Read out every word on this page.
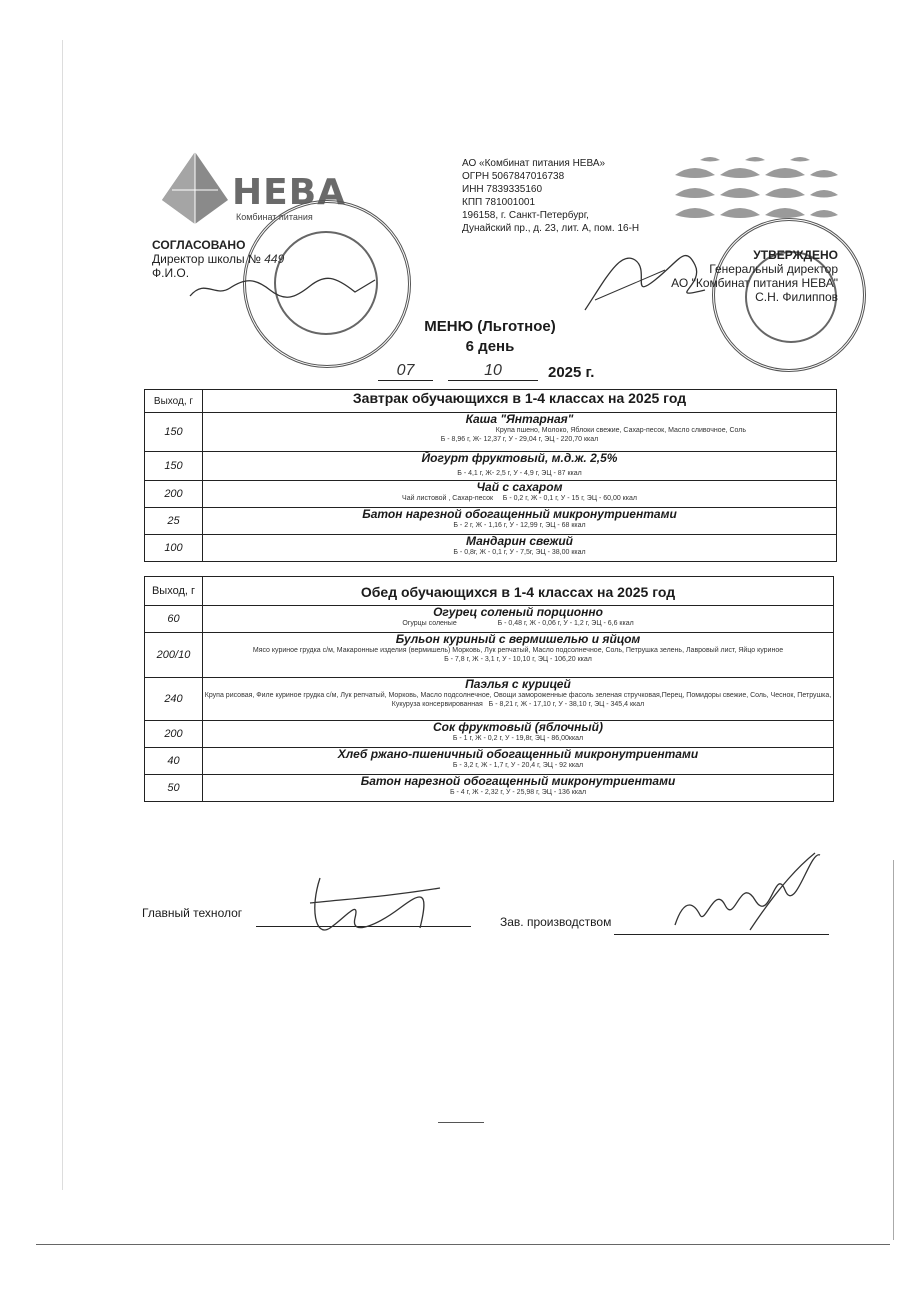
НЕВА
Комбинат питания
АО «Комбинат питания НЕВА»
ОГРН 5067847016738
ИНН 7839335160
КПП 781001001
196158, г. Санкт-Петербург,
Дунайский пр., д. 23, лит. А, пом. 16-Н
СОГЛАСОВАНО
Директор школы № 449
Ф.И.О.
УТВЕРЖДЕНО
Генеральный директор
АО "Комбинат питания НЕВА"
С.Н. Филиппов
МЕНЮ (Льготное)
6 день
07	10	2025 г.
Выход, г	Завтрак обучающихся в 1-4 классах на 2025 год
150	Каша "Янтарная"
Крупа пшено, Молоко, Яблоки свежие, Сахар-песок, Масло сливочное, Соль
Б - 8,96 г, Ж- 12,37 г, У - 29,04 г, ЭЦ - 220,70 ккал

150	Йогурт фруктовый, м.д.ж. 2,5%
Б - 4,1 г, Ж- 2,5 г, У - 4,9 г, ЭЦ - 87 ккал

200	Чай с сахаром
Чай листовой , Сахар-песок Б - 0,2 г, Ж - 0,1 г, У - 15 г, ЭЦ - 60,00 ккал

25	Батон нарезной обогащенный микронутриентами
Б - 2 г, Ж - 1,16 г, У - 12,99 г, ЭЦ - 68 ккал

100	Мандарин свежий
Б - 0,8г, Ж - 0,1 г, У - 7,5г, ЭЦ - 38,00 ккал
Выход, г	Обед обучающихся в 1-4 классах на 2025 год
60	Огурец соленый порционно
Огурцы соленые Б - 0,48 г, Ж - 0,06 г, У - 1,2 г, ЭЦ - 6,6 ккал

200/10	Бульон куриный с вермишелью и яйцом
Мясо куриное грудка с/м, Макаронные изделия (вермишель) Морковь, Лук репчатый, Масло подсолнечное, Соль, Петрушка зелень, Лавровый лист, Яйцо куриное
Б - 7,8 г, Ж - 3,1 г, У - 10,10 г, ЭЦ - 106,20 ккал

240	Паэлья с курицей
Крупа рисовая, Филе куриное грудка с/м, Лук репчатый, Морковь, Масло подсолнечное, Овощи замороженные фасоль зеленая стручковая,Перец, Помидоры свежие, Соль, Чеснок, Петрушка, Кукуруза консервированная Б - 8,21 г, Ж - 17,10 г, У - 38,10 г, ЭЦ - 345,4 ккал

200	Сок фруктовый (яблочный)
Б - 1 г, Ж - 0,2 г, У - 19,8г, ЭЦ - 86,00ккал

40	Хлеб ржано-пшеничный обогащенный микронутриентами
Б - 3,2 г, Ж - 1,7 г, У - 20,4 г, ЭЦ - 92 ккал

50	Батон нарезной обогащенный микронутриентами
Б - 4 г, Ж - 2,32 г, У - 25,98 г, ЭЦ - 136 ккал
Главный технолог
Зав. производством
